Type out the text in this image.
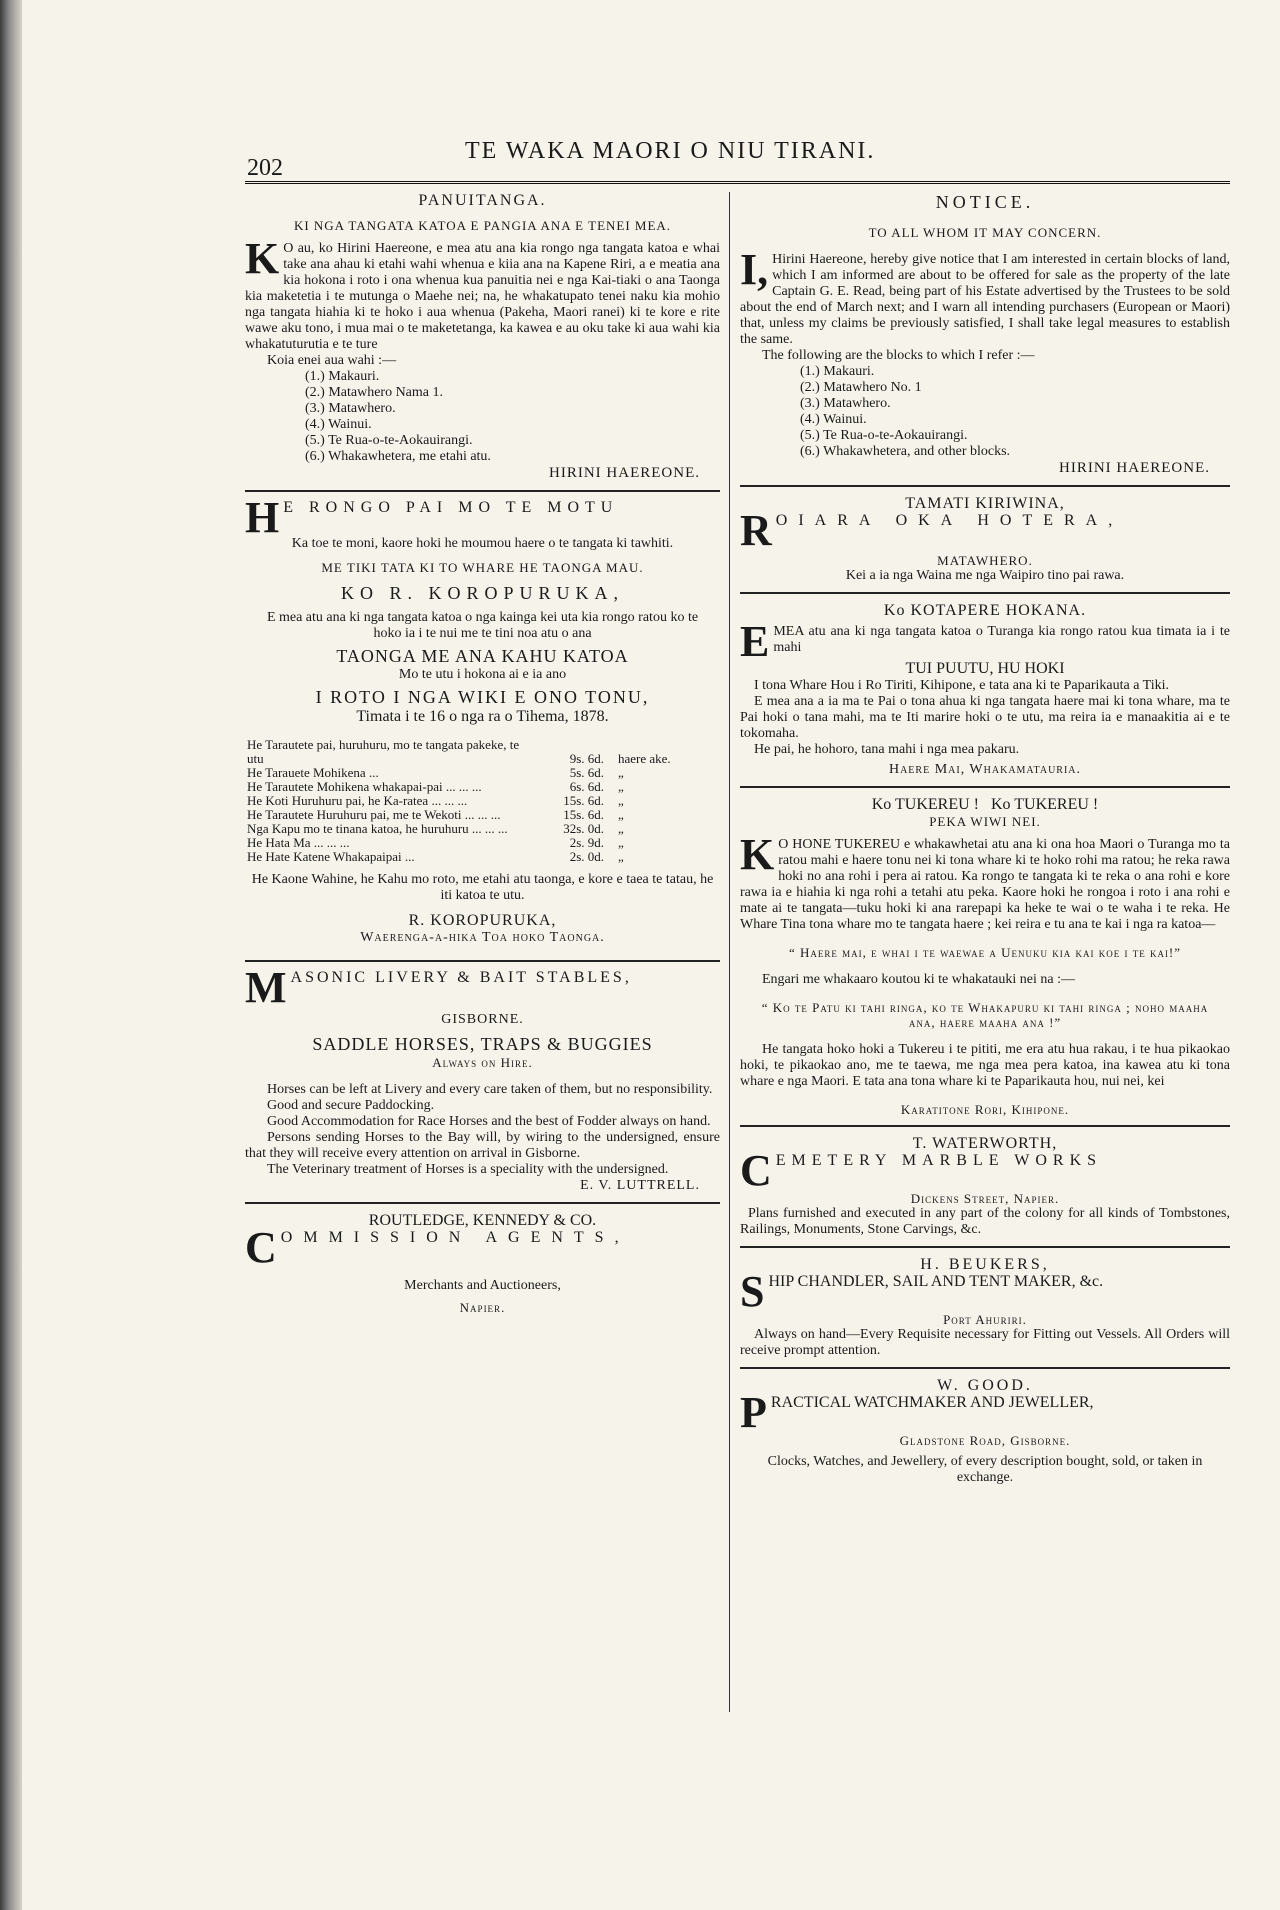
202
TE WAKA MAORI O NIU TIRANI.
PANUITANGA.
KI NGA TANGATA KATOA E PANGIA ANA E TENEI MEA.
K O au, ko Hirini Haereone, e mea atu ana kia rongo nga tangata katoa e whai take ana ahau ki etahi wahi whenua e kiia ana na Kapene Riri, a e meatia ana kia hokona i roto i ona whenua kua panuitia nei e nga Kai-tiaki o ana Taonga kia maketetia i te mutunga o Maehe nei; na, he whakatupato tenei naku kia mohio nga tangata hiahia ki te hoko i aua whenua (Pakeha, Maori ranei) ki te kore e rite wawe aku tono, i mua mai o te maketetanga, ka kawea e au oku take ki aua wahi kia whakatuturutia e te ture
Koia enei aua wahi :—
(1.) Makauri.
(2.) Matawhero Nama 1.
(3.) Matawhero.
(4.) Wainui.
(5.) Te Rua-o-te-Aokauirangi.
(6.) Whakawhetera, me etahi atu.
HIRINI HAEREONE.
H E RONGO PAI MO TE MOTU
Ka toe te moni, kaore hoki he moumou haere o te tangata ki tawhiti.
ME TIKI TATA KI TO WHARE HE TAONGA MAU.
KO R. KOROPURUKA,
E mea atu ana ki nga tangata katoa o nga kainga kei uta kia rongo ratou ko te hoko ia i te nui me te tini noa atu o ana
TAONGA ME ANA KAHU KATOA
Mo te utu i hokona ai e ia ano
I ROTO I NGA WIKI E ONO TONU,
Timata i te 16 o nga ra o Tihema, 1878.
He Tarautete pai, huruhuru, mo te tangata pakeke, te utu	9s. 6d.	haere ake.
He Tarauete Mohikena ...	5s. 6d.	„
He Tarautete Mohikena whakapai-pai ... ... ...	6s. 6d.	„
He Koti Huruhuru pai, he Ka-ratea ... ... ...	15s. 6d.	„
He Tarautete Huruhuru pai, me te Wekoti ... ... ...	15s. 6d.	„
Nga Kapu mo te tinana katoa, he huruhuru ... ... ...	32s. 0d.	„
He Hata Ma ... ... ...	2s. 9d.	„
He Hate Katene Whakapaipai ...	2s. 0d.	„
He Kaone Wahine, he Kahu mo roto, me etahi atu taonga, e kore e taea te tatau, he iti katoa te utu.
R. KOROPURUKA,
Waerenga-a-hika Toa hoko Taonga.
M ASONIC LIVERY & BAIT STABLES,
GISBORNE.
SADDLE HORSES, TRAPS & BUGGIES
Always on Hire.
Horses can be left at Livery and every care taken of them, but no responsibility.
Good and secure Paddocking.
Good Accommodation for Race Horses and the best of Fodder always on hand.
Persons sending Horses to the Bay will, by wiring to the undersigned, ensure that they will receive every attention on arrival in Gisborne.
The Veterinary treatment of Horses is a speciality with the undersigned.
E. V. LUTTRELL.
ROUTLEDGE, KENNEDY & CO.
C OMMISSION AGENTS,
Merchants and Auctioneers,
Napier.
NOTICE.
TO ALL WHOM IT MAY CONCERN.
I, Hirini Haereone, hereby give notice that I am interested in certain blocks of land, which I am informed are about to be offered for sale as the property of the late Captain G. E. Read, being part of his Estate advertised by the Trustees to be sold about the end of March next; and I warn all intending purchasers (European or Maori) that, unless my claims be previously satisfied, I shall take legal measures to establish the same.
The following are the blocks to which I refer :—
(1.) Makauri.
(2.) Matawhero No. 1
(3.) Matawhero.
(4.) Wainui.
(5.) Te Rua-o-te-Aokauirangi.
(6.) Whakawhetera, and other blocks.
HIRINI HAEREONE.
TAMATI KIRIWINA,
R OIARA OKA HOTERA,
MATAWHERO.
Kei a ia nga Waina me nga Waipiro tino pai rawa.
Ko KOTAPERE HOKANA.
E MEA atu ana ki nga tangata katoa o Turanga kia rongo ratou kua timata ia i te mahi
TUI PUUTU, HU HOKI
I tona Whare Hou i Ro Tiriti, Kihipone, e tata ana ki te Paparikauta a Tiki.
E mea ana a ia ma te Pai o tona ahua ki nga tangata haere mai ki tona whare, ma te Pai hoki o tana mahi, ma te Iti marire hoki o te utu, ma reira ia e manaakitia ai e te tokomaha.
He pai, he hohoro, tana mahi i nga mea pakaru.
Haere Mai, Whakamatauria.
Ko TUKEREU !   Ko TUKEREU !
PEKA WIWI NEI.
K O HONE TUKEREU e whakawhetai atu ana ki ona hoa Maori o Turanga mo ta ratou mahi e haere tonu nei ki tona whare ki te hoko rohi ma ratou; he reka rawa hoki no ana rohi i pera ai ratou. Ka rongo te tangata ki te reka o ana rohi e kore rawa ia e hiahia ki nga rohi a tetahi atu peka. Kaore hoki he rongoa i roto i ana rohi e mate ai te tangata—tuku hoki ki ana rarepapi ka heke te wai o te waha i te reka. He Whare Tina tona whare mo te tangata haere ; kei reira e tu ana te kai i nga ra katoa—
“ Haere mai, e whai i te waewae a Uenuku kia kai koe i te kai!”
Engari me whakaaro koutou ki te whakatauki nei na :—
“ Ko te Patu ki tahi ringa, ko te Whakapuru ki tahi ringa ; noho maaha ana, haere maaha ana !”
He tangata hoko hoki a Tukereu i te pititi, me era atu hua rakau, i te hua pikaokao hoki, te pikaokao ano, me te taewa, me nga mea pera katoa, ina kawea atu ki tona whare e nga Maori. E tata ana tona whare ki te Paparikauta hou, nui nei, kei
Karatitone Rori, Kihipone.
T. WATERWORTH,
C EMETERY MARBLE WORKS
Dickens Street, Napier.
Plans furnished and executed in any part of the colony for all kinds of Tombstones, Railings, Monuments, Stone Carvings, &c.
H. BEUKERS,
S HIP CHANDLER, SAIL AND TENT MAKER, &c.
Port Ahuriri.
Always on hand—Every Requisite necessary for Fitting out Vessels. All Orders will receive prompt attention.
W. GOOD.
P RACTICAL WATCHMAKER AND JEWELLER,
Gladstone Road, Gisborne.
Clocks, Watches, and Jewellery, of every description bought, sold, or taken in exchange.
